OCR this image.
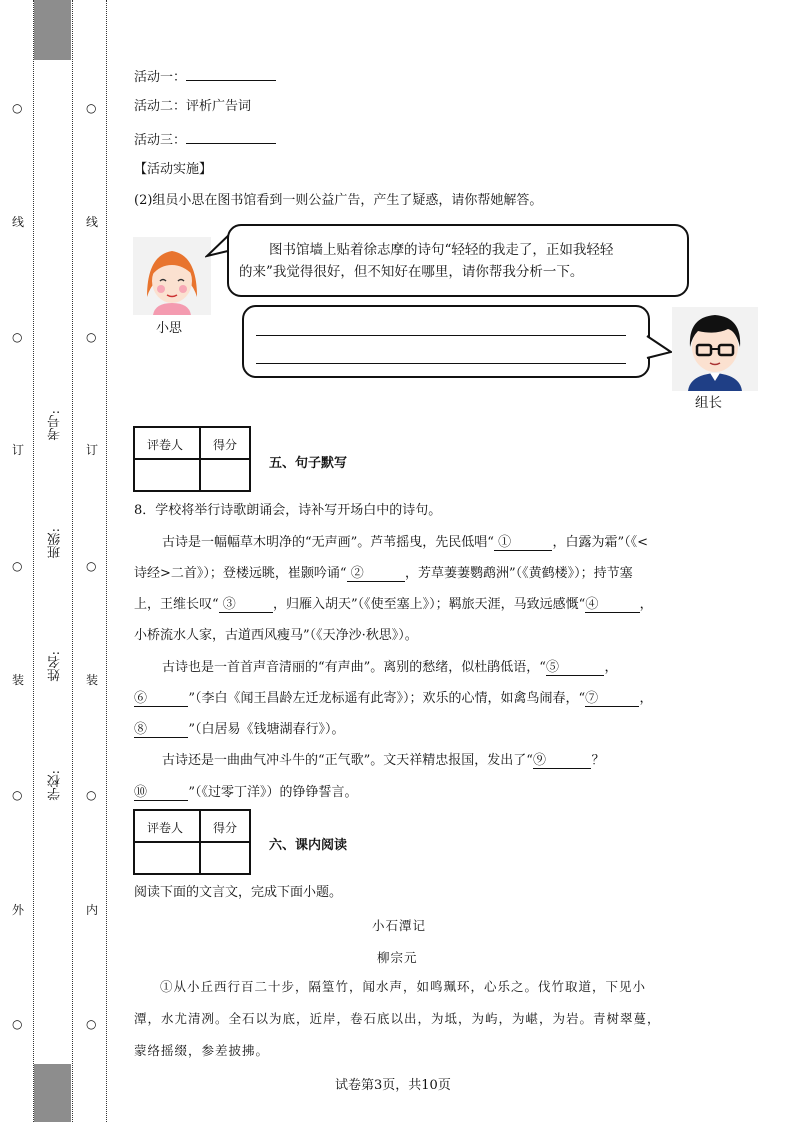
○
线
○
订
○
装
○
外
○
○
线
○
订
○
装
○
内
○
考号:
班级:
姓名:
学校:
活动一：
活动二：评析广告词
活动三：
【活动实施】
(2)组员小思在图书馆看到一则公益广告，产生了疑惑，请你帮她解答。
小思
图书馆墙上贴着徐志摩的诗句“轻轻的我走了，正如我轻轻
的来”我觉得很好，但不知好在哪里，请你帮我分析一下。
组长
评卷人 得分
五、句子默写
8．学校将举行诗歌朗诵会，诗补写开场白中的诗句。
古诗是一幅幅草木明净的“无声画”。芦苇摇曳，先民低唱“ ①	，白露为霜”（《<
诗经>二首》）；登楼远眺，崔颢吟诵“ ②	，芳草萋萋鹦鹉洲”（《黄鹤楼》）；持节塞
上，王维长叹“ ③	，归雁入胡天”（《使至塞上》）；羁旅天涯，马致远感慨“④	，
小桥流水人家，古道西风瘦马”（《天净沙·秋思》）。
古诗也是一首首声音清丽的“有声曲”。离别的愁绪，似杜鹃低语，“⑤	，
⑥	”（李白《闻王昌龄左迁龙标遥有此寄》）；欢乐的心情，如禽鸟闹春，“⑦	，
⑧	”（白居易《钱塘湖春行》）。
古诗还是一曲曲气冲斗牛的“正气歌”。文天祥精忠报国，发出了“⑨	？
⑩	”（《过零丁洋》）的铮铮誓言。
评卷人 得分
六、课内阅读
阅读下面的文言文，完成下面小题。
小石潭记
柳宗元
①从小丘西行百二十步，隔篁竹，闻水声，如鸣珮环，心乐之。伐竹取道，下见小
潭，水尤清冽。全石以为底，近岸，卷石底以出，为坻，为屿，为嵁，为岩。青树翠蔓，
蒙络摇缀，参差披拂。
试卷第3页，共10页
